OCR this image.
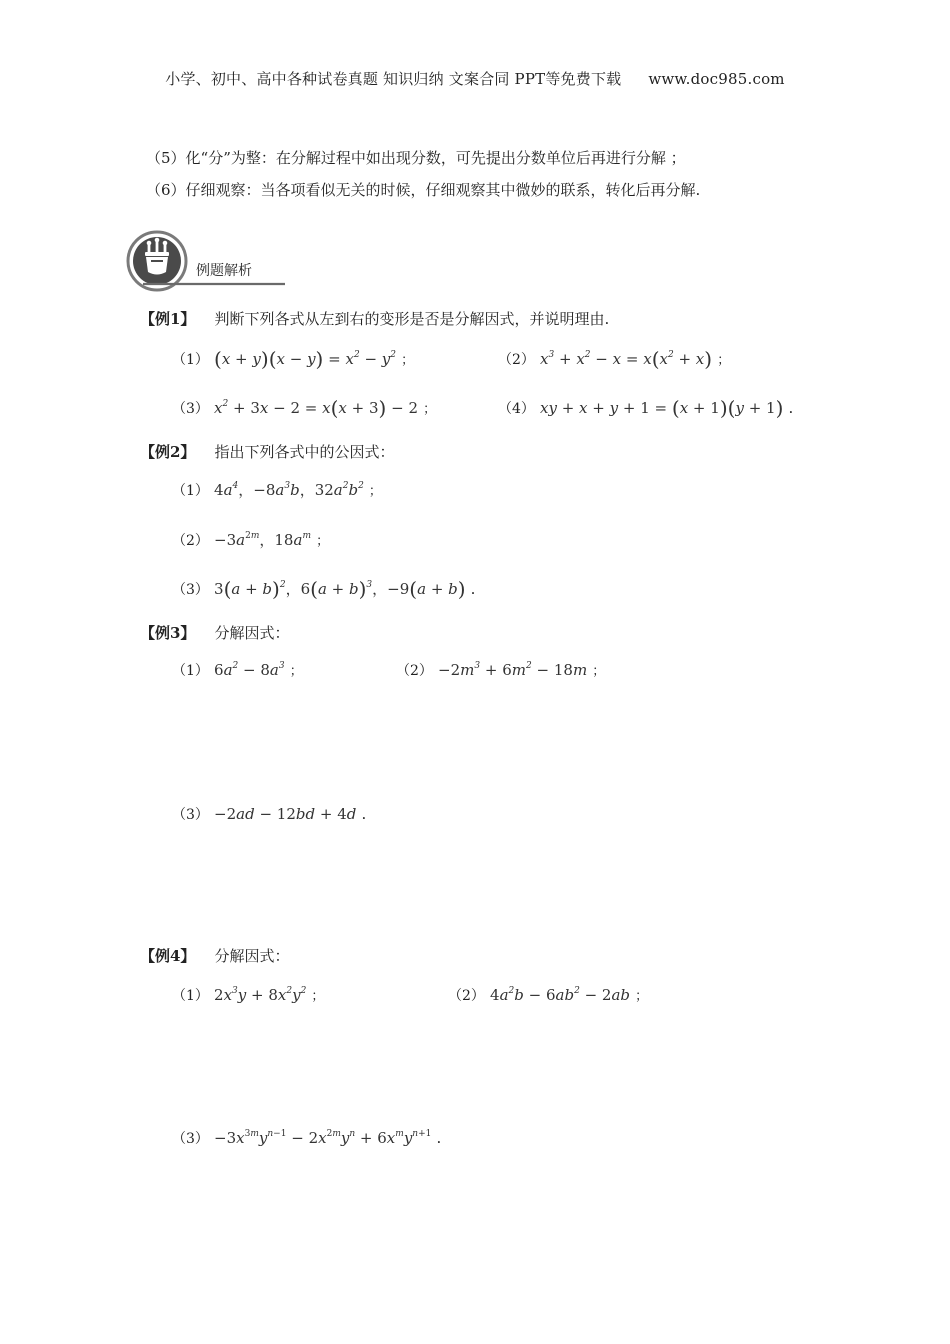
小学、初中、高中各种试卷真题 知识归纳 文案合同 PPT等免费下载 www.doc985.com
（5）化“分”为整：在分解过程中如出现分数，可先提出分数单位后再进行分解 ；
（6）仔细观察：当各项看似无关的时候，仔细观察其中微妙的联系，转化后再分解.
例题解析
【例1】 判断下列各式从左到右的变形是否是分解因式，并说明理由.
（1） $(x + y)(x - y) = x^2 - y^2$ ；	（2） $x^3 + x^2 - x = x(x^2 + x)$ ；
（3） $x^2 + 3x - 2 = x(x + 3) - 2$ ；	（4） xy + x + y + 1 = (x + 1)(y + 1) .
【例2】 指出下列各式中的公因式：
（1） $4a^4$，$-8a^3b$，$32a^2b^2$ ；
$(2) -3a^{2m}$，$18a^m$ ；
（3） $3(a + b)^2$，$6(a + b)^3$，−9(a + b) .
【例3】 分解因式：
（1） $6a^2 - 8a^3$ ；	$(2) -2m^3 + 6m^2 - 18m$ ；
（3） −2ad − 12bd + 4d .
【例4】 分解因式：
（1） $2x^3y + 8x^2y^2$ ；	（2） $4a^2b - 6ab^2 - 2ab$ ；
$(3) -3x^{3m}y^{n-1} - 2x^{2m}y^n + 6x^my^{n+1}$ .
